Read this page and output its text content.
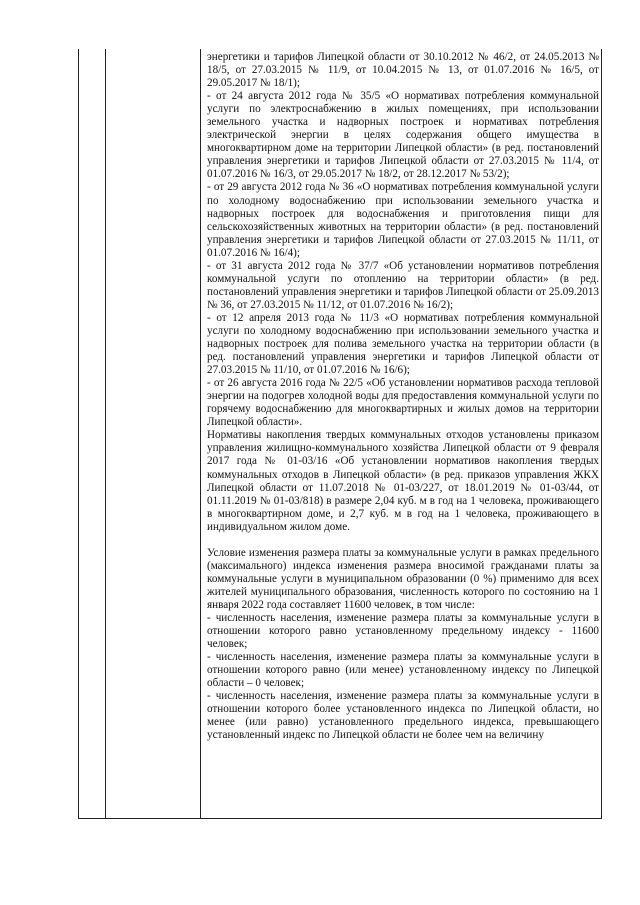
энергетики и тарифов Липецкой области от 30.10.2012 № 46/2, от 24.05.2013 № 18/5, от 27.03.2015 № 11/9, от 10.04.2015 № 13, от 01.07.2016 № 16/5, от 29.05.2017 № 18/1);

- от 24 августа 2012 года № 35/5 «О нормативах потребления коммунальной услуги по электроснабжению в жилых помещениях, при использовании земельного участка и надворных построек и нормативах потребления электрической энергии в целях содержания общего имущества в многоквартирном доме на территории Липецкой области» (в ред. постановлений управления энергетики и тарифов Липецкой области от 27.03.2015 № 11/4, от 01.07.2016 № 16/3, от 29.05.2017 № 18/2, от 28.12.2017 № 53/2);

- от 29 августа 2012 года № 36 «О нормативах потребления коммунальной услуги по холодному водоснабжению при использовании земельного участка и надворных построек для водоснабжения и приготовления пищи для сельскохозяйственных животных на территории области» (в ред. постановлений управления энергетики и тарифов Липецкой области от 27.03.2015 № 11/11, от 01.07.2016 № 16/4);

- от 31 августа 2012 года № 37/7 «Об установлении нормативов потребления коммунальной услуги по отоплению на территории области» (в ред. постановлений управления энергетики и тарифов Липецкой области от 25.09.2013 № 36, от 27.03.2015 № 11/12, от 01.07.2016 № 16/2);

- от 12 апреля 2013 года № 11/3 «О нормативах потребления коммунальной услуги по холодному водоснабжению при использовании земельного участка и надворных построек для полива земельного участка на территории области (в ред. постановлений управления энергетики и тарифов Липецкой области от 27.03.2015 № 11/10, от 01.07.2016 № 16/6);

- от 26 августа 2016 года № 22/5 «Об установлении нормативов расхода тепловой энергии на подогрев холодной воды для предоставления коммунальной услуги по горячему водоснабжению для многоквартирных и жилых домов на территории Липецкой области».

Нормативы накопления твердых коммунальных отходов установлены приказом управления жилищно-коммунального хозяйства Липецкой области от 9 февраля 2017 года № 01-03/16 «Об установлении нормативов накопления твердых коммунальных отходов в Липецкой области» (в ред. приказов управления ЖКХ Липецкой области от 11.07.2018 № 01-03/227, от 18.01.2019 № 01-03/44, от 01.11.2019 № 01-03/818) в размере 2,04 куб. м в год на 1 человека, проживающего в многоквартирном доме, и 2,7 куб. м в год на 1 человека, проживающего в индивидуальном жилом доме.

Условие изменения размера платы за коммунальные услуги в рамках предельного (максимального) индекса изменения размера вносимой гражданами платы за коммунальные услуги в муниципальном образовании (0 %) применимо для всех жителей муниципального образования, численность которого по состоянию на 1 января 2022 года составляет 11600 человек, в том числе:

- численность населения, изменение размера платы за коммунальные услуги в отношении которого равно установленному предельному индексу - 11600 человек;

- численность населения, изменение размера платы за коммунальные услуги в отношении которого равно (или менее) установленному индексу по Липецкой области – 0 человек;

- численность населения, изменение размера платы за коммунальные услуги в отношении которого более установленного индекса по Липецкой области, но менее (или равно) установленного предельного индекса, превышающего установленный индекс по Липецкой области не более чем на величину
